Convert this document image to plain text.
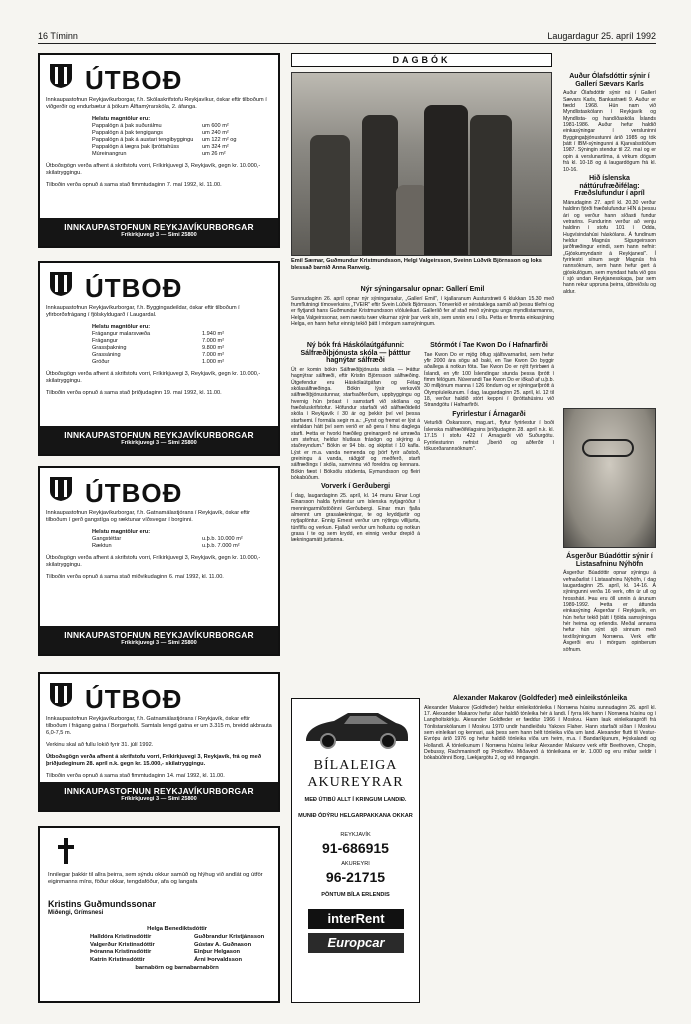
16 Tíminn	Laugardagur 25. apríl 1992
ÚTBOÐ

Innkaupastofnun Reykjavíkurborgar, f.h. Skólaskrifstofu Reykjavíkur, óskar eftir tilboðum í viðgerðir og endurbætur á þökum Álftamýrarskóla, 2. áfanga.

Helstu magntölur eru:
Pappalögn á þak suðurálmu	um 600 m²
Pappalögn á þak tengigangs	um 240 m²
Pappalögn á þak á austari tengibyggingu	um 122 m² og
Pappalögn á lægra þak íþróttahúss	um 324 m²
Múreinangrun	um 26 m²

Útboðsgögn verða afhent á skrifstofu vorri, Fríkirkjuvegi 3, Reykjavík, gegn kr. 10.000,- skilatryggingu.

Tilboðin verða opnuð á sama stað fimmtudaginn 7. maí 1992, kl. 11.00.

INNKAUPASTOFNUN REYKJAVÍKURBORGAR
Fríkirkjuvegi 3 — Sími 25800
ÚTBOÐ

Innkaupastofnun Reykjavíkurborgar, f.h. Byggingadeildar, óskar eftir tilboðum í yfirborðsfrágang í fjölskyldugarð í Laugardal.

Helstu magntölur eru:
Frágangur malarsvæða	1.940 m²
Frágangur	7.000 m²
Grassþakning	9.800 m²
Grassáning	7.000 m²
Gróður	1.000 m²

Útboðsgögn verða afhent á skrifstofu vorri, Fríkirkjuvegi 3, Reykjavík, gegn kr. 10.000,- skilatryggingu.

Tilboðin verða opnuð á sama stað þriðjudaginn 19. maí 1992, kl. 11.00.

INNKAUPASTOFNUN REYKJAVÍKURBORGAR
Fríkirkjuvegi 3 — Sími 25800
ÚTBOÐ

Innkaupastofnun Reykjavíkurborgar, f.h. Gatnamálastjórans í Reykjavík, óskar eftir tilboðum í gerð gangstíga og ræktunar víðsvegar í borginni.

Helstu magntölur eru:
Gangstéttar	u.þ.b. 10.000 m²
Ræktun	u.þ.b. 7.000 m²

Útboðsgögn verða afhent á skrifstofu vorri, Fríkirkjuvegi 3, Reykjavík, gegn kr. 10.000,- skilatryggingu.

Tilboðin verða opnuð á sama stað miðvikudaginn 6. maí 1992, kl. 11.00.

INNKAUPASTOFNUN REYKJAVÍKURBORGAR
Fríkirkjuvegi 3 — Sími 25800
ÚTBOÐ

Innkaupastofnun Reykjavíkurborgar, f.h. Gatnamálastjórans í Reykjavík, óskar eftir tilboðum í frágang gatna í Borgarholti. Samtals lengd gatna er um 3.315 m, breidd akbrauta 6,0-7,5 m.

Verkinu skal að fullu lokið fyrir 31. júlí 1992.

Útboðsgögn verða afhent á skrifstofu vorri, Fríkirkjuvegi 3, Reykjavík, frá og með þriðjudeginum 28. apríl n.k. gegn kr. 15.000,- skilatryggingu.

Tilboðin verða opnuð á sama stað fimmtudaginn 14. maí 1992, kl. 11.00.

INNKAUPASTOFNUN REYKJAVÍKURBORGAR
Fríkirkjuvegi 3 — Sími 25800
Innilegar þakkir til allra þeirra, sem sýndu okkur samúð og hlýhug við andlát og útför eiginmanns míns, föður okkar, tengdaföður, afa og langafa
Kristins Guðmundssonar
Miðengi, Grímsnesi
Helga Benediktsdóttir
Halldóra Kristinsdóttir	Guðbrandur Kristjánsson
Valgerður Kristinsdóttir	Gústav A. Guðnason
Þóranna Kristinsdóttir	Einþur Helgason
Katrín Kristinsdóttir	Árni Þorvaldsson
barnabörn og barnabarnabörn
DAGBÓK
Emil Sæmar, Guðmundur Kristmundsson, Helgi Valgeirsson, Sveinn Lúðvík Björnsson og loks blessað barnið Anna Ranveig.
Nýr sýningarsalur opnar: Gallerí Emil

Sunnudaginn 26. apríl opnar nýr sýningarsalur, „Gallerí Emil", í kjallaranum Austurstræti 6 klukkan 15.30 með frumflutningi tímoverksins „TVEIR" eftir Svein Lúðvík Björnsson. Tónverkið er sérstaklega samið að þessu tilefni og er flytjandi hans Guðmundur Kristmundsson víóluleikari. Galleríið fer af stað með sýningu ungs myndlistarmanns, Helga Valgeirssonar, sem næstu tvær vikurnar sýnir þar verk sín, sem unnin eru í olíu. Petta er fimmta einkasýning Helga, en hann hefur einnig tekið þátt í mörgum samsýningum.

Ný bók frá Háskólaútgáfunni: Sálfræðiþjónusta skóla — þátttur hagnýtar sálfræði

Út er komin bókin Sálfræðiþjónusta skóla — Þáttur hagnýtrar sálfræði, eftir Kristin Björnsson sálfræðing. Útgefendur eru Háskólaútgáfan og Félag skólasálfræðinga. Bókin lýsir verksviði sálfræðiþjónustunnar, starfsaðferðum, uppbyggingu og hvernig hún þróast í samstarfi við skólana og fræðsluskrifstofur. Höfundur starfaði við sálfræðideild skóla í Reykjavík í 30 ár og þekkir því vel þessa starfsemi. Í formála segir m.a.: „Fyrst og fremst er lýst á einfaldan hátt því sem verið er að gera í hinu daglega starfi. Þetta er hvorki fræðileg greinargerð né umræða um stefnur, heldur hlutlaus frásögn og skýring á staðreyndum." Bókin er 94 bls. og skiptist í 10 kafla. Lýst er m.a. vanda nemenda og þörf fyrir aðstoð, greiningu á vanda, ráðgjöf og meðferð, starfi sálfræðings í skóla, samvinnu við foreldra og kennara. Bókin fæst í Bóksölu stúdenta, Eymundsson og fleiri bókabúðum.

Vorverk í Gerðubergi

Í dag, laugardaginn 25. apríl, kl. 14 munu Einar Logi Einarsson halda fyrirlestur um íslenska nytjagróður í menningarmiðstöðinni Gerðubergi. Einar mun fjalla almennt um grasalækningar, te og kryddjurtir og nytjaplöntur. Ennig Ernest verður um nýtingu villijurta, túnfíflu og verkun. Fjallað verður um hollustu og notkun grasa í te og sem krydd, en einnig verður drepið á lækningamátt jurtanna.

Stórmót í Tae Kwon Do í Hafnarfirði

Tae Kwon Do er mjög öflug sjálfsvarnarlist, sem hefur yfir 2000 ára sögu að baki, en Tae Kwon Do byggir aðallega á notkun fóta. Tae Kwon Do er nýtt fyrirbæri á Íslandi, en yfir 100 Íslendingar stunda þessa íþrótt í fimm félögum. Núverandi Tae Kwon Do er iðkað af u.þ.b. 30 milljónum manna í 126 löndum og er sýningaríþrótt á Ólympíuleikunum. Í dag, laugardaginn 25. apríl, kl. 12 til 18, verður haldið stórt keppni í íþróttahúsinu við Strandgötu í Hafnarfirði.

Fyrirlestur í Árnagarði

Veturliði Óskarsson, mag.art., flytur fyrirlestur í boði Íslenska málfræðifélagsins þriðjudaginn 28. apríl n.k. kl. 17.15 í stofu 422 í Árnagarði við Suðurgötu. Fyrirlesturinn nefnist „Íberið og aðferðir í tökuorðarannsóknum".

Auður Ólafsdóttir sýnir í Gallerí Sævars Karls

Auður Ólafsdóttir sýnir nú í Gallerí Sævars Karls, Bankastræti 9. Auður er fædd 1968. Hún nam við Myndlistaskólann í Reykjavík og Myndlista- og handíðaskóla Íslands 1981-1986. Auður hefur haldið einkasýningar í versluninni Byggingaþjónustunni árið 1985 og tók þátt í IBM-sýningunni á Kjarvalsstöðum 1987. Sýningin stendur til 22. maí og er opin á verslunartíma, á virkum dögum frá kl. 10-18 og á laugardögum frá kl. 10-16.

Hið íslenska náttúrufræðifélag: Fræðslufundur í apríl

Mánudaginn 27. apríl kl. 20.30 verður haldinn fjórði fræðslufundur HÍN á þessu ári og verður hann síðasti fundur vetrarins. Fundurinn verður að venju haldinn í stofu 101 í Odda, Hugvísindahúsi háskólans. Á fundinum heldur Magnús Sigurgeirsson jarðfræðingur erindi, sem hann nefnir: „Gjóskumyndanir á Reykjanesi". Í fyrirlestri sínum segir Magnús frá rannsóknum, sem hann hefur gert á gjóskulögum, sem myndast hafa við gos í sjó undan Reykjanesskaga, þar sem hann rekur uppruna þeirra, útbreiðslu og aldur.

Ásgerður Búadóttir sýnir í Listasafninu Nýhöfn

Ásgerður Búadóttir opnar sýningu á vefnaðarlist í Listasafninu Nýhöfn, í dag laugardaginn 25. apríl, kl. 14-16. Á sýningunni verða 16 verk, ofin úr ull og hrosshári. Þau eru öll unnin á árunum 1989-1992. Þetta er áttunda einkasýning Ásgerðar í Reykjavík, en hún hefur tekið þátt í fjölda samsýninga hér heima og erlendis. Meðal annarra hefur hún sýnt sjö sinnum með textílsýningum Norræna. Verk eftir Ásgerði eru í mörgum opinberum söfnum.

Alexander Makarov (Goldfeder) með einleikstónleika

Alexander Makarov (Goldfeder) heldur einleikstónleika í Norræna húsinu sunnudaginn 26. apríl kl. 17. Alexander Makarov hefur áður haldið tónleika hér á landi. Í fyrra lék hann í Norræna húsinu og í Langholtskirkju. Alexander Goldfeder er fæddur 1966 í Moskvu. Hann lauk einleikaraprófi frá Tónlistarskólanum í Moskvu 1970 undir handleiðslu Yakovs Flaher. Hann starfaði síðan í Moskvu sem einleikari og kennari, auk þess sem hann bélt tónleika víða um land. Alexander flutti til Vestur-Evrópu árið 1976 og hefur haldið tónleika víða um heim, m.a. í Bandaríkjunum, Þýskalandi og Hollandi. Á tónleikunum í Norræna húsinu leikur Alexander Makarov verk eftir Beethoven, Chopin, Debussy, Rachmaninoff og Prokofiev. Miðaverð á tónleikana er kr. 1.000 og eru miðar seldir í bókabúðinni Borg, Lækjargötu 2, og við inngangin.

BÍLALEIGA AKUREYRAR
MEÐ ÚTIBÚ ALLT Í KRINGUM LANDIÐ.
MUNIÐ ÓDÝRU HELGARPAKKANA OKKAR
REYKJAVÍK
91-686915
AKUREYRI
96-21715
PÖNTUM BÍLA ERLENDIS
interRent
Europcar
